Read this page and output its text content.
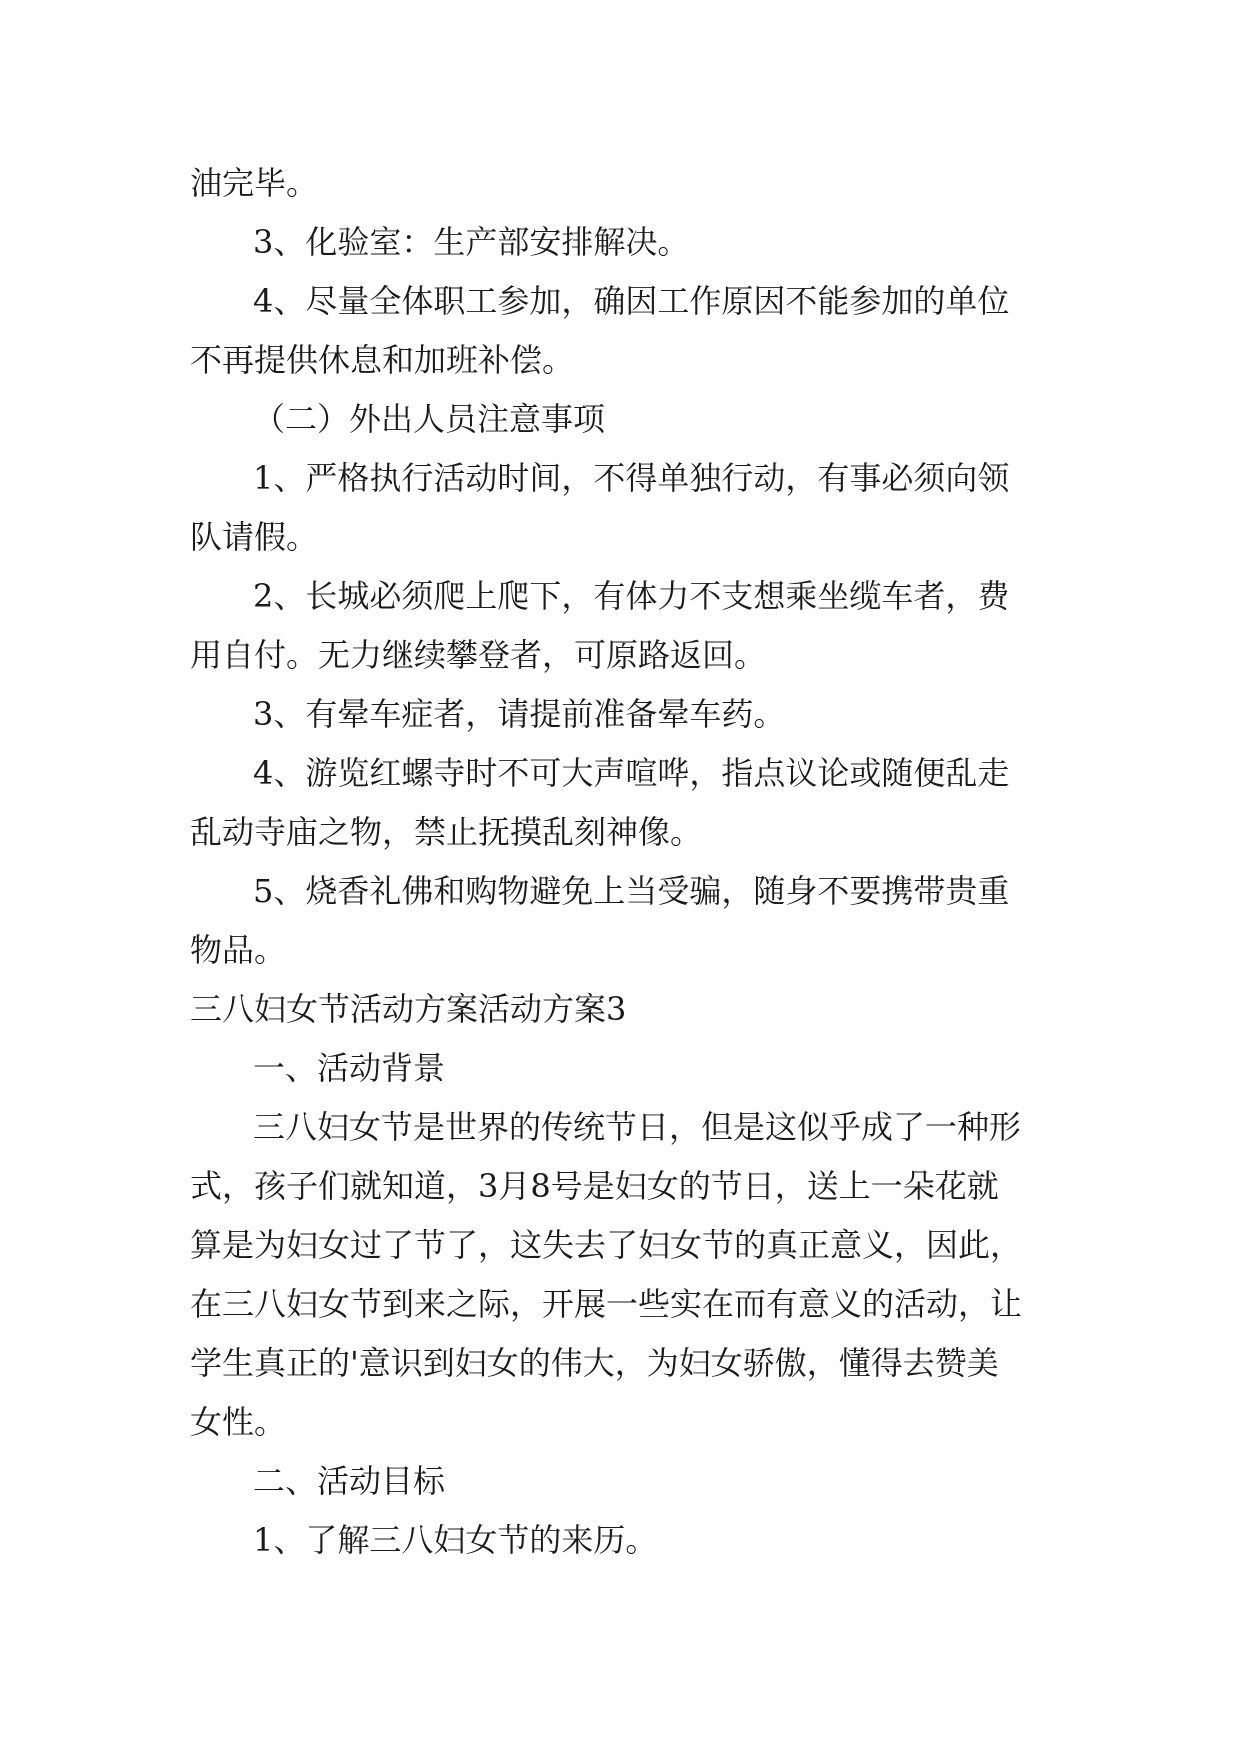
油完毕。

3、化验室：生产部安排解决。

4、尽量全体职工参加，确因工作原因不能参加的单位

不再提供休息和加班补偿。

（二）外出人员注意事项

1、严格执行活动时间，不得单独行动，有事必须向领

队请假。

2、长城必须爬上爬下，有体力不支想乘坐缆车者，费

用自付。无力继续攀登者，可原路返回。

3、有晕车症者，请提前准备晕车药。

4、游览红螺寺时不可大声喧哗，指点议论或随便乱走

乱动寺庙之物，禁止抚摸乱刻神像。

5、烧香礼佛和购物避免上当受骗，随身不要携带贵重

物品。

三八妇女节活动方案活动方案3

一、活动背景

三八妇女节是世界的传统节日，但是这似乎成了一种形

式，孩子们就知道，3月8号是妇女的节日，送上一朵花就

算是为妇女过了节了，这失去了妇女节的真正意义，因此，

在三八妇女节到来之际，开展一些实在而有意义的活动，让

学生真正的'意识到妇女的伟大，为妇女骄傲，懂得去赞美

女性。

二、活动目标

1、了解三八妇女节的来历。
